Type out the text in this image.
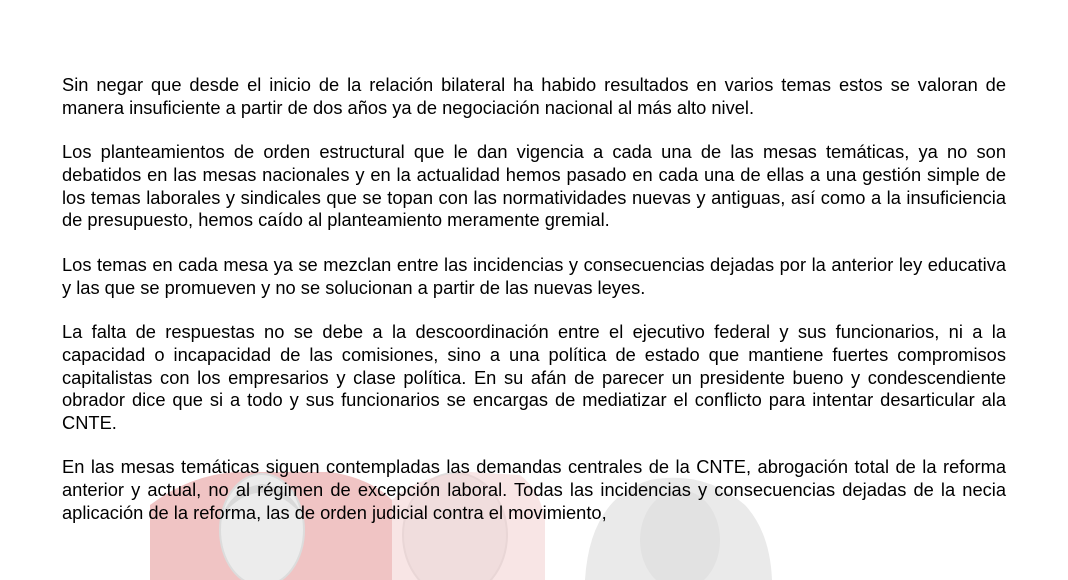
Sin negar que desde el inicio de la relación bilateral ha habido resultados en varios temas estos se valoran de manera insuficiente a partir de dos años ya de negociación nacional al más alto nivel.

Los planteamientos de orden estructural que le dan vigencia a cada una de las mesas temáticas, ya no son debatidos en las mesas nacionales y en la actualidad hemos pasado en cada una de ellas a una gestión simple de los temas laborales y sindicales que se topan con las normatividades nuevas y antiguas, así como a la insuficiencia de presupuesto, hemos caído al planteamiento meramente gremial.

Los temas en cada mesa ya se mezclan entre las incidencias y consecuencias dejadas por la anterior ley educativa y las que se promueven y no se solucionan a partir de las nuevas leyes.

La falta de respuestas no se debe a la descoordinación entre el ejecutivo federal y sus funcionarios, ni a la capacidad o incapacidad de las comisiones, sino a una política de estado que mantiene fuertes compromisos capitalistas con los empresarios y clase política. En su afán de parecer un presidente bueno y condescendiente obrador dice que si a todo y sus funcionarios se encargas de mediatizar el conflicto para intentar desarticular ala CNTE.

En las mesas temáticas siguen contempladas las demandas centrales de la CNTE, abrogación total de la reforma anterior y actual, no al régimen de excepción laboral. Todas las incidencias y consecuencias dejadas de la necia aplicación de la reforma, las de orden judicial contra el movimiento,
